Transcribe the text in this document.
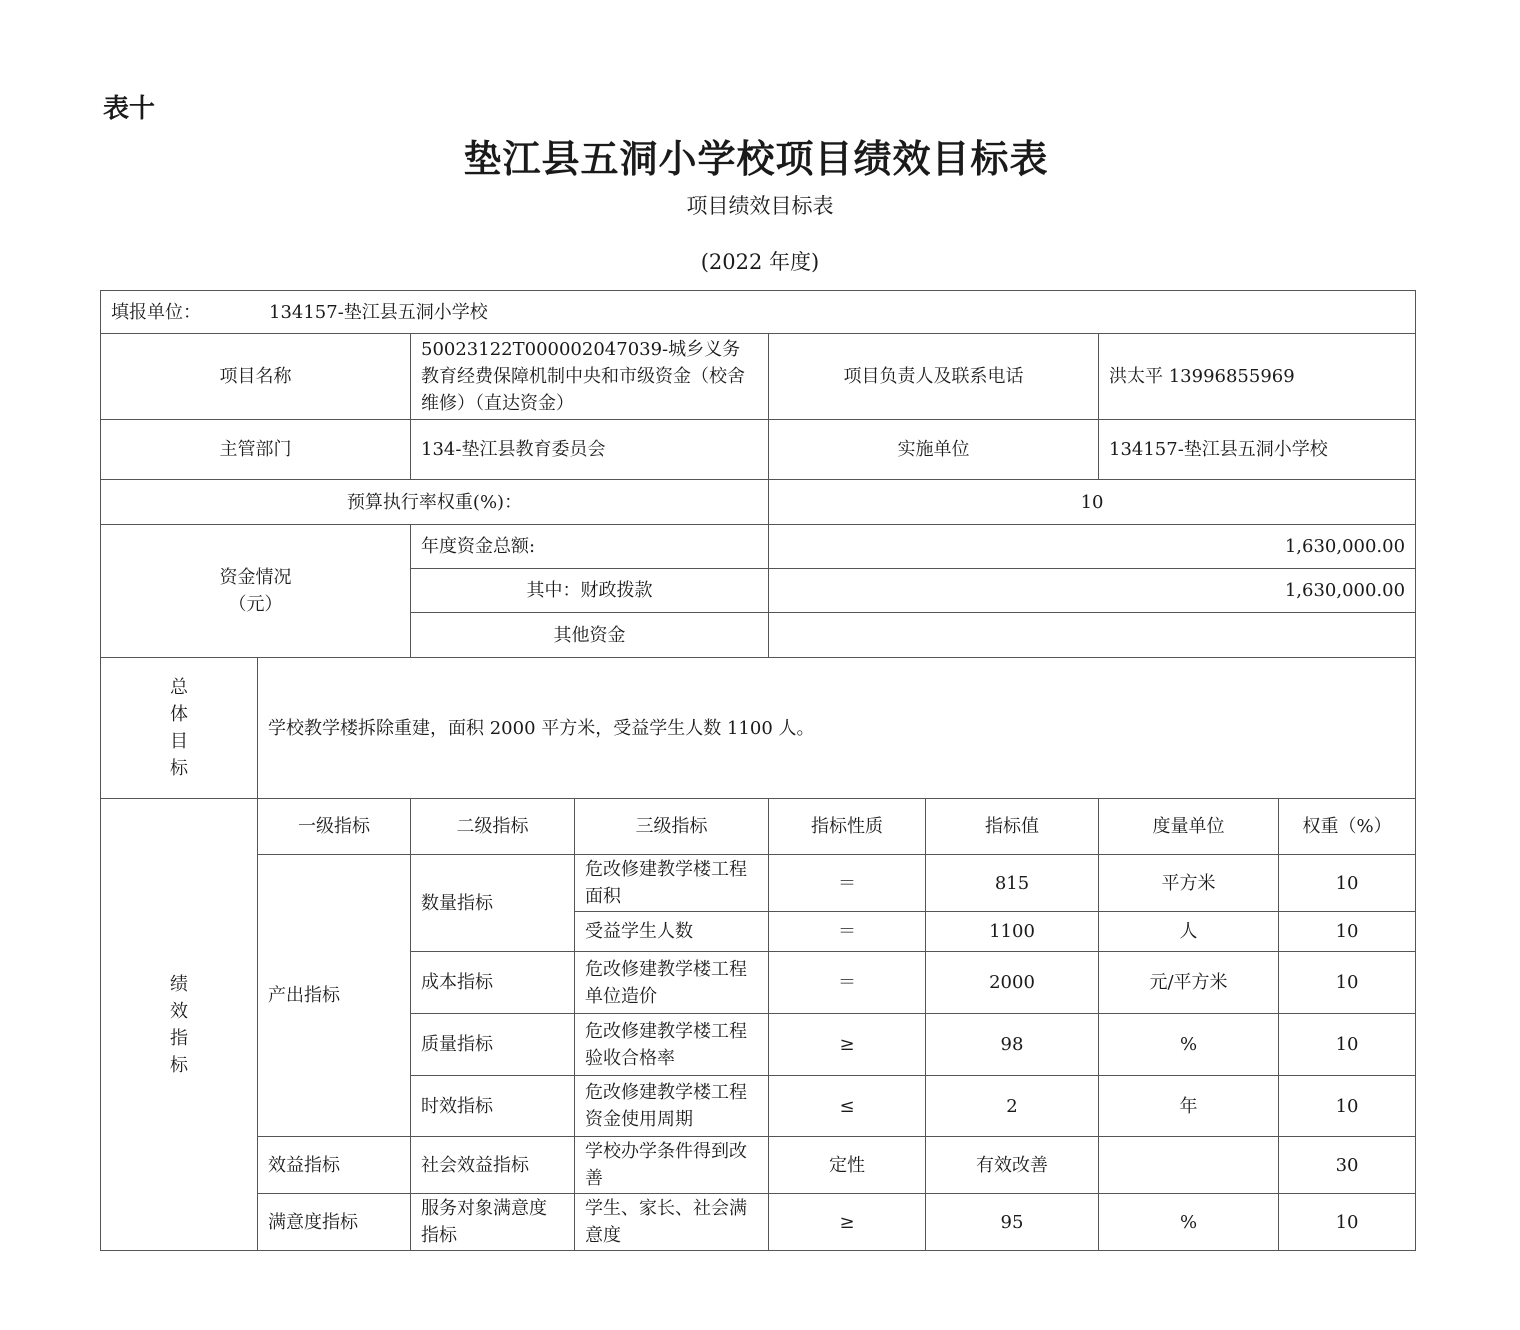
表十
垫江县五洞小学校项目绩效目标表
项目绩效目标表
(2022 年度)
填报单位： 134157-垫江县五洞小学校							
项目名称		50023122T000002047039-城乡义务教育经费保障机制中央和市级资金（校舍维修）（直达资金）		项目负责人及联系电话		洪太平 13996855969	
主管部门		134-垫江县教育委员会		实施单位		134157-垫江县五洞小学校	
预算执行率权重(%)：				10			

资金情况
（元）		年度资金总额:		1,630,000.00			
		其中：财政拨款		1,630,000.00			
		其他资金					

总
体
目
标	学校教学楼拆除重建，面积 2000 平方米，受益学生人数 1100 人。						

绩
效
指
标	一级指标	二级指标	三级指标	指标性质	指标值	度量单位	权重（%）
	产出指标	数量指标	危改修建教学楼工程面积	＝	815	平方米	10
			受益学生人数	＝	1100	人	10
		成本指标	危改修建教学楼工程单位造价	＝	2000	元/平方米	10
		质量指标	危改修建教学楼工程验收合格率	≥	98	%	10
		时效指标	危改修建教学楼工程资金使用周期	≤	2	年	10
	效益指标	社会效益指标	学校办学条件得到改善	定性	有效改善		30
	满意度指标	服务对象满意度指标	学生、家长、社会满意度	≥	95	%	10
